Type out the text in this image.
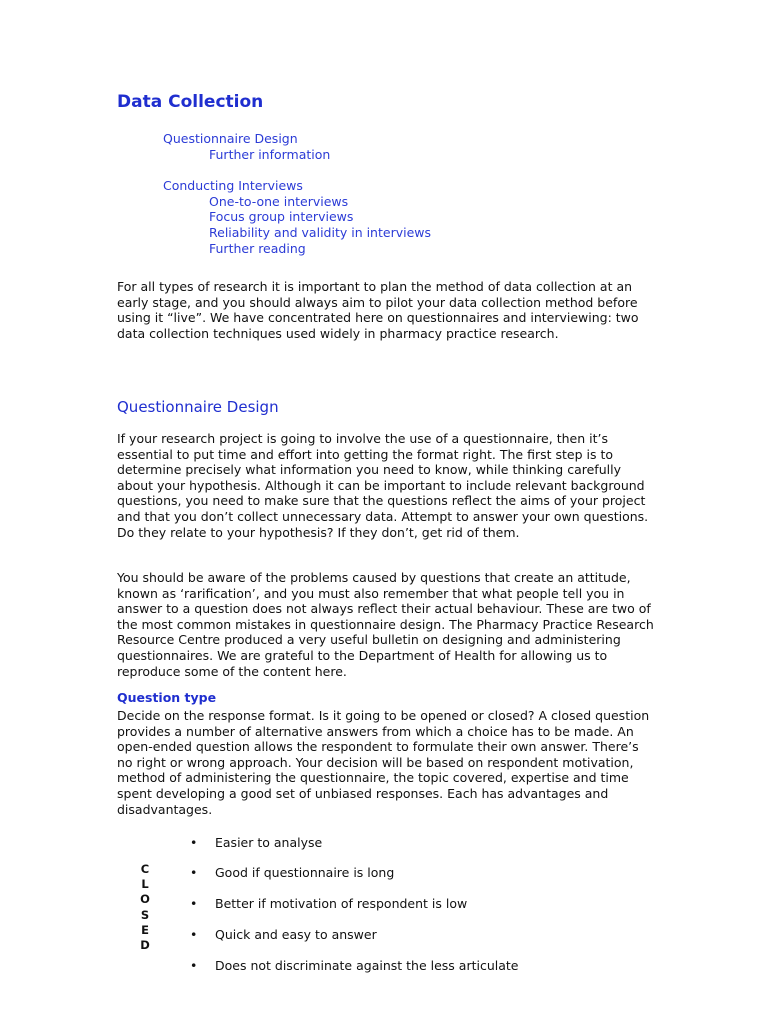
Data Collection
Questionnaire Design
Further information
Conducting Interviews
One-to-one interviews
Focus group interviews
Reliability and validity in interviews
Further reading

For all types of research it is important to plan the method of data collection at an early stage, and you should always aim to pilot your data collection method before using it “live”. We have concentrated here on questionnaires and interviewing: two data collection techniques used widely in pharmacy practice research.

Questionnaire Design

If your research project is going to involve the use of a questionnaire, then it’s essential to put time and effort into getting the format right. The first step is to determine precisely what information you need to know, while thinking carefully about your hypothesis. Although it can be important to include relevant background questions, you need to make sure that the questions reflect the aims of your project and that you don’t collect unnecessary data. Attempt to answer your own questions. Do they relate to your hypothesis? If they don’t, get rid of them.

You should be aware of the problems caused by questions that create an attitude, known as ‘rarification’, and you must also remember that what people tell you in answer to a question does not always reflect their actual behaviour. These are two of the most common mistakes in questionnaire design. The Pharmacy Practice Research Resource Centre produced a very useful bulletin on designing and administering questionnaires. We are grateful to the Department of Health for allowing us to reproduce some of the content here.

Question type

Decide on the response format. Is it going to be opened or closed? A closed question provides a number of alternative answers from which a choice has to be made. An open-ended question allows the respondent to formulate their own answer. There’s no right or wrong approach. Your decision will be based on respondent motivation, method of administering the questionnaire, the topic covered, expertise and time spent developing a good set of unbiased responses. Each has advantages and disadvantages.

C
L
O
S
E
D
• Easier to analyse
• Good if questionnaire is long
• Better if motivation of respondent is low
• Quick and easy to answer
• Does not discriminate against the less articulate
